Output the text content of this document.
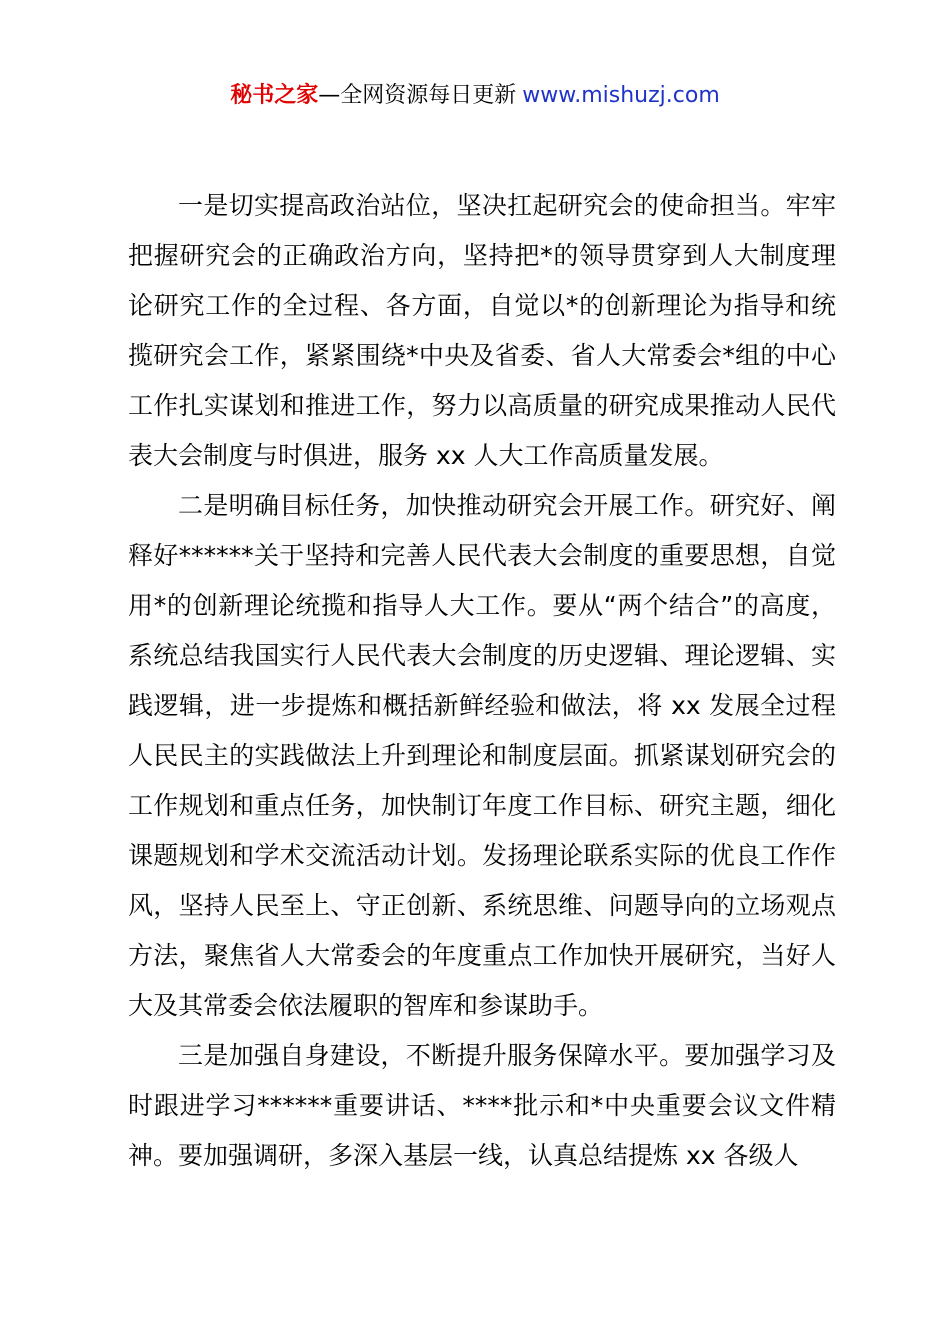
秘书之家—全网资源每日更新 www.mishuzj.com

一是切实提高政治站位，坚决扛起研究会的使命担当。牢牢把握研究会的正确政治方向，坚持把*的领导贯穿到人大制度理论研究工作的全过程、各方面，自觉以*的创新理论为指导和统揽研究会工作，紧紧围绕*中央及省委、省人大常委会*组的中心工作扎实谋划和推进工作，努力以高质量的研究成果推动人民代表大会制度与时俱进，服务 xx 人大工作高质量发展。

二是明确目标任务，加快推动研究会开展工作。研究好、阐释好******关于坚持和完善人民代表大会制度的重要思想，自觉用*的创新理论统揽和指导人大工作。要从“两个结合”的高度，系统总结我国实行人民代表大会制度的历史逻辑、理论逻辑、实践逻辑，进一步提炼和概括新鲜经验和做法，将 xx 发展全过程人民民主的实践做法上升到理论和制度层面。抓紧谋划研究会的工作规划和重点任务，加快制订年度工作目标、研究主题，细化课题规划和学术交流活动计划。发扬理论联系实际的优良工作作风，坚持人民至上、守正创新、系统思维、问题导向的立场观点方法，聚焦省人大常委会的年度重点工作加快开展研究，当好人大及其常委会依法履职的智库和参谋助手。

三是加强自身建设，不断提升服务保障水平。要加强学习及时跟进学习******重要讲话、****批示和*中央重要会议文件精神。要加强调研，多深入基层一线，认真总结提炼 xx 各级人
